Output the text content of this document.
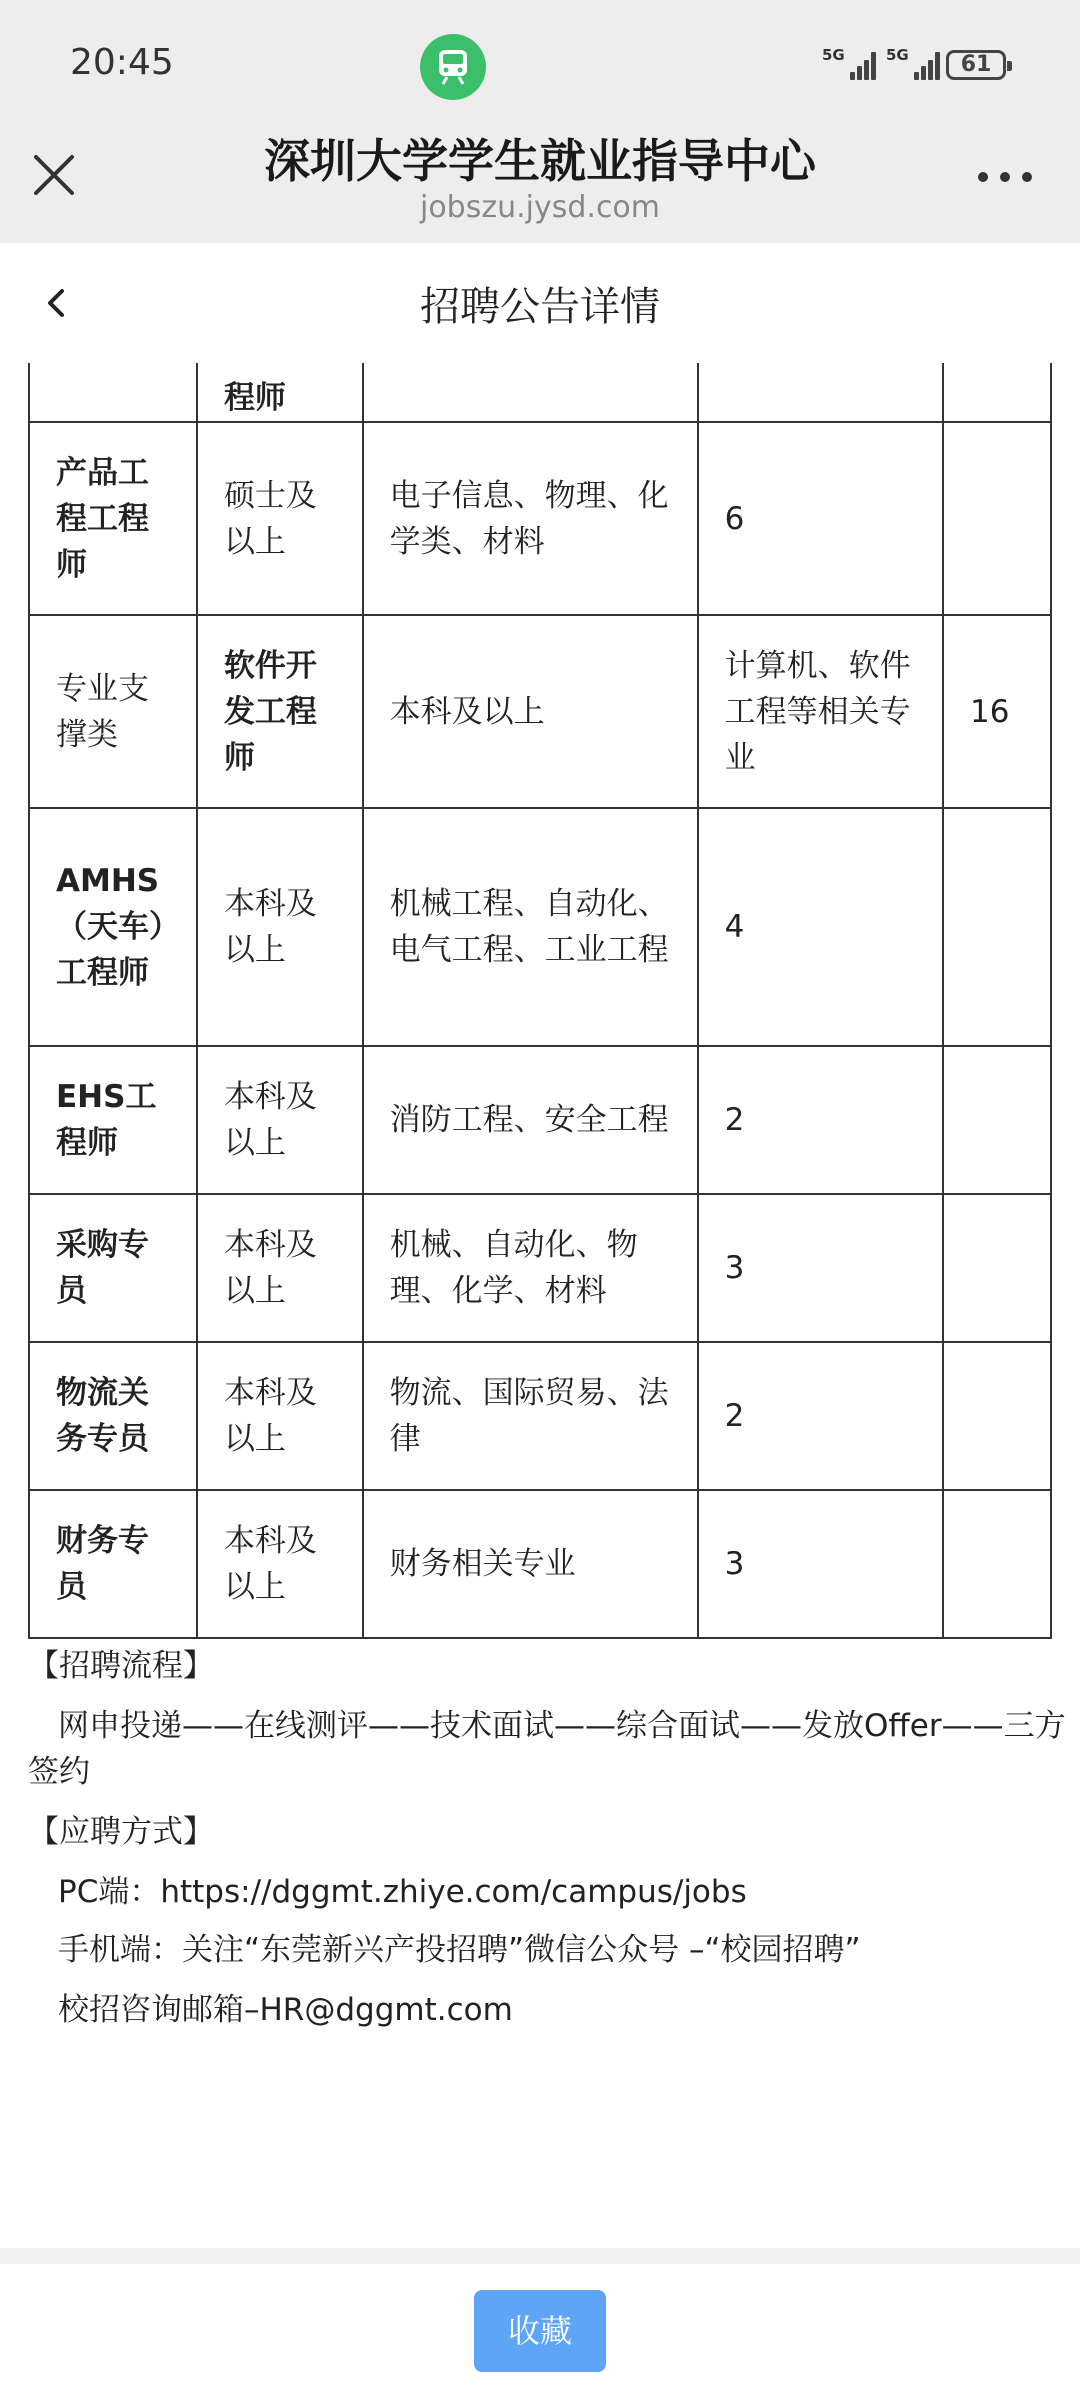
20:45	5G	5G	61
深圳大学学生就业指导中心
jobszu.jysd.com
招聘公告详情
	程师			
产品工程工程师	硕士及以上	电子信息、物理、化学类、材料	6	
专业支撑类	软件开发工程师	本科及以上	计算机、软件工程等相关专业	16
AMHS（天车）工程师	本科及以上	机械工程、自动化、电气工程、工业工程	4	
EHS工程师	本科及以上	消防工程、安全工程	2	
采购专员	本科及以上	机械、自动化、物理、化学、材料	3	
物流关务专员	本科及以上	物流、国际贸易、法律	2	
财务专员	本科及以上	财务相关专业	3	
【招聘流程】
网申投递——在线测评——技术面试——综合面试——发放Offer——三方
签约
【应聘方式】
PC端：https://dggmt.zhiye.com/campus/jobs
手机端：关注“东莞新兴产投招聘”微信公众号 –“校园招聘”
校招咨询邮箱–HR@dggmt.com
收藏
